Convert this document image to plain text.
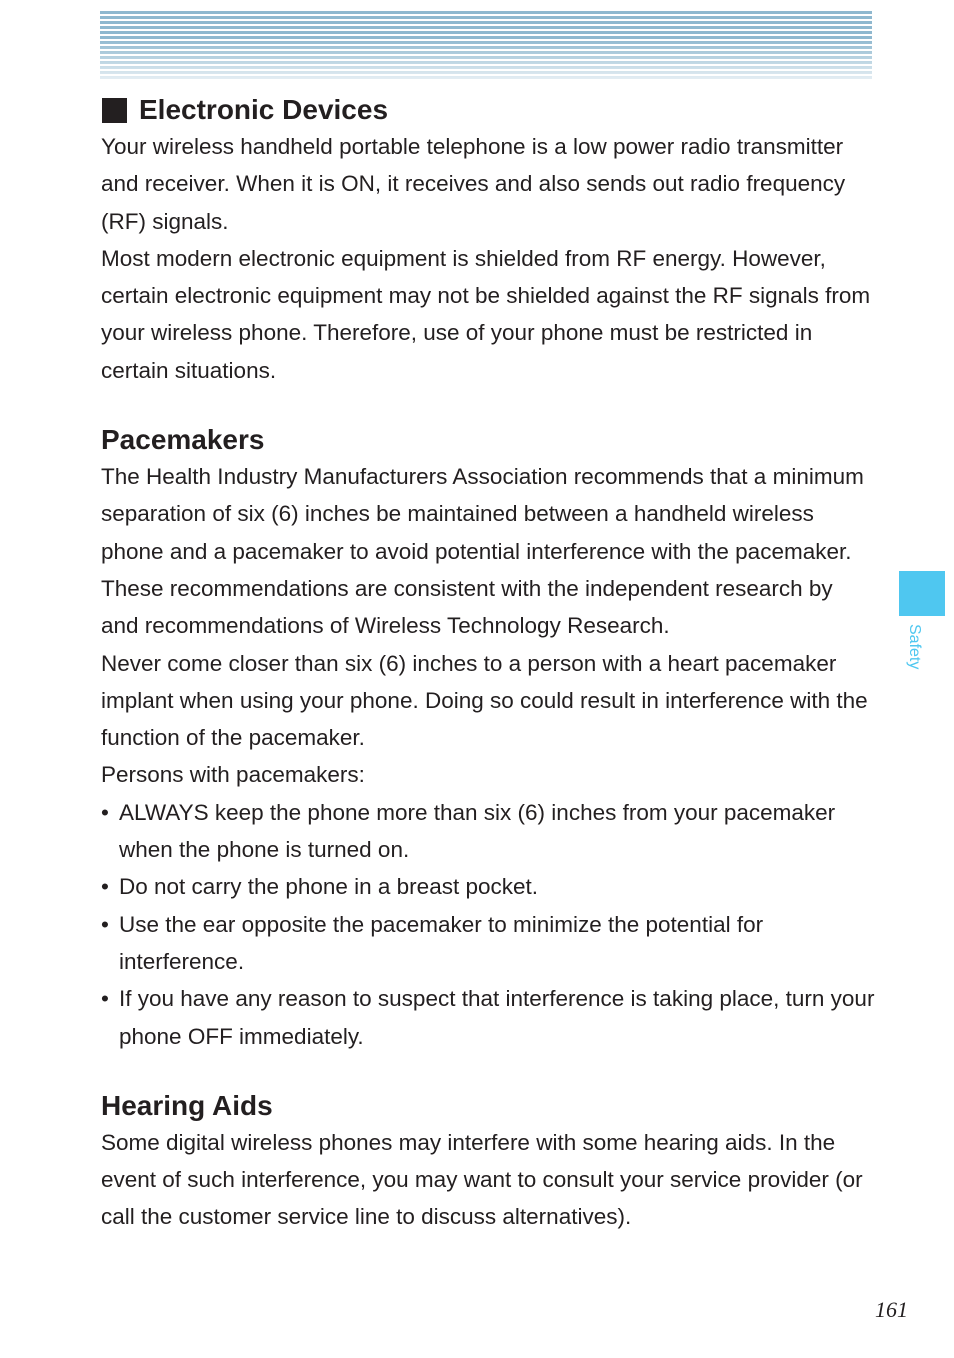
Electronic Devices

Your wireless handheld portable telephone is a low power radio transmitter and receiver. When it is ON, it receives and also sends out radio frequency (RF) signals.

Most modern electronic equipment is shielded from RF energy. However, certain electronic equipment may not be shielded against the RF signals from your wireless phone. Therefore, use of your phone must be restricted in certain situations.

Pacemakers

The Health Industry Manufacturers Association recommends that a minimum separation of six (6) inches be maintained between a handheld wireless phone and a pacemaker to avoid potential interference with the pacemaker. These recommendations are consistent with the independent research by and recommendations of Wireless Technology Research.

Never come closer than six (6) inches to a person with a heart pacemaker implant when using your phone. Doing so could result in interference with the function of the pacemaker.

Persons with pacemakers:

• ALWAYS keep the phone more than six (6) inches from your pacemaker when the phone is turned on.
• Do not carry the phone in a breast pocket.
• Use the ear opposite the pacemaker to minimize the potential for interference.
• If you have any reason to suspect that interference is taking place, turn your phone OFF immediately.
Hearing Aids

Some digital wireless phones may interfere with some hearing aids. In the event of such interference, you may want to consult your service provider (or call the customer service line to discuss alternatives).

Safety
161
